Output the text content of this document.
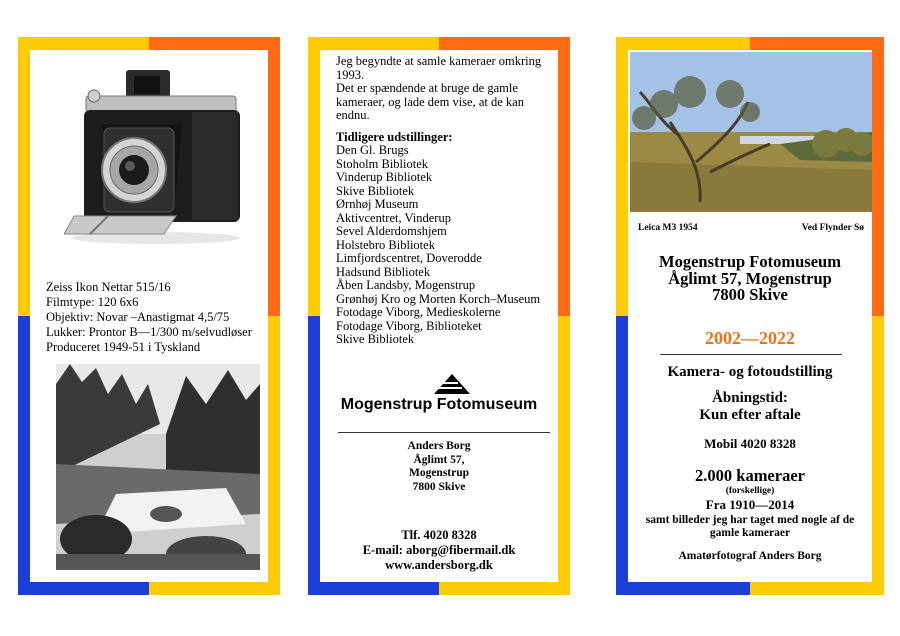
Zeiss Ikon Nettar 515/16
Filmtype: 120 6x6
Objektiv: Novar –Anastigmat 4,5/75
Lukker: Prontor B—1/300 m/selvudløser
Produceret 1949-51 i Tyskland

Jeg begyndte at samle kameraer omkring 1993.

Det er spændende at bruge de gamle kameraer, og lade dem vise, at de kan endnu.

Tidligere udstillinger:

Den Gl. Brugs

Stoholm Bibliotek

Vinderup Bibliotek

Skive Bibliotek

Ørnhøj Museum

Aktivcentret, Vinderup

Sevel Alderdomshjem

Holstebro Bibliotek

Limfjordscentret, Doverodde

Hadsund Bibliotek

Åben Landsby, Mogenstrup

Grønhøj Kro og Morten Korch–Museum

Fotodage Viborg, Medieskolerne

Fotodage Viborg, Biblioteket

Skive Bibliotek

Mogenstrup Fotomuseum
Anders Borg
Åglimt 57,
Mogenstrup
7800 Skive
Tlf. 4020 8328
E-mail: aborg@fibermail.dk
www.andersborg.dk
Leica M3 1954	Ved Flynder Sø
Mogenstrup Fotomuseum
Åglimt 57, Mogenstrup
7800 Skive
2002—2022
Kamera- og fotoudstilling
Åbningstid:
Kun efter aftale
Mobil 4020 8328
2.000 kameraer
(forskellige)
Fra 1910—2014
samt billeder jeg har taget med nogle af de gamle kameraer
Amatørfotograf Anders Borg
